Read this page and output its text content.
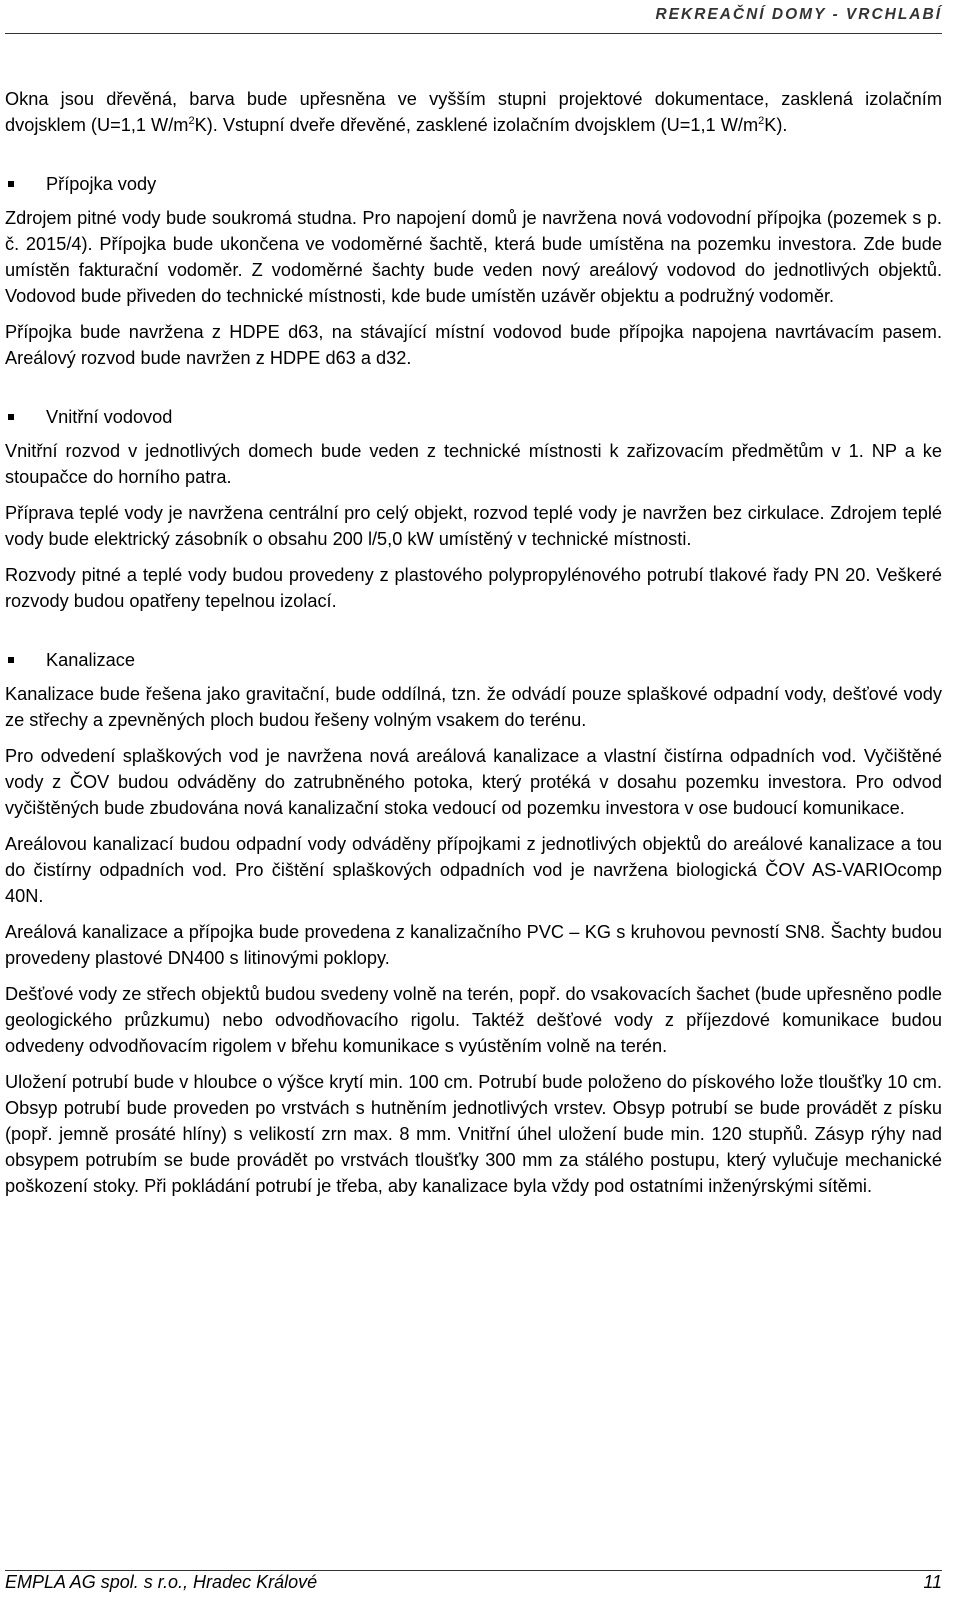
REKREAČNÍ DOMY - VRCHLABÍ

Okna jsou dřevěná, barva bude upřesněna ve vyšším stupni projektové dokumentace, zasklená izolačním dvojsklem (U=1,1 $W/m^2K$). Vstupní dveře dřevěné, zasklené izolačním dvojsklem (U=1,1 $W/m^2K$).

Přípojka vody

Zdrojem pitné vody bude soukromá studna. Pro napojení domů je navržena nová vodovodní přípojka (pozemek s p. č. 2015/4). Přípojka bude ukončena ve vodoměrné šachtě, která bude umístěna na pozemku investora. Zde bude umístěn fakturační vodoměr. Z vodoměrné šachty bude veden nový areálový vodovod do jednotlivých objektů. Vodovod bude přiveden do technické místnosti, kde bude umístěn uzávěr objektu a podružný vodoměr.

Přípojka bude navržena z HDPE d63, na stávající místní vodovod bude přípojka napojena navrtávacím pasem. Areálový rozvod bude navržen z HDPE d63 a d32.

Vnitřní vodovod

Vnitřní rozvod v jednotlivých domech bude veden z technické místnosti k zařizovacím předmětům v 1. NP a ke stoupačce do horního patra.

Příprava teplé vody je navržena centrální pro celý objekt, rozvod teplé vody je navržen bez cirkulace. Zdrojem teplé vody bude elektrický zásobník o obsahu 200 l/5,0 kW umístěný v technické místnosti.

Rozvody pitné a teplé vody budou provedeny z plastového polypropylénového potrubí tlakové řady PN 20. Veškeré rozvody budou opatřeny tepelnou izolací.

Kanalizace

Kanalizace bude řešena jako gravitační, bude oddílná, tzn. že odvádí pouze splaškové odpadní vody, dešťové vody ze střechy a zpevněných ploch budou řešeny volným vsakem do terénu.

Pro odvedení splaškových vod je navržena nová areálová kanalizace a vlastní čistírna odpadních vod. Vyčištěné vody z ČOV budou odváděny do zatrubněného potoka, který protéká v dosahu pozemku investora. Pro odvod vyčištěných bude zbudována nová kanalizační stoka vedoucí od pozemku investora v ose budoucí komunikace.

Areálovou kanalizací budou odpadní vody odváděny přípojkami z jednotlivých objektů do areálové kanalizace a tou do čistírny odpadních vod. Pro čištění splaškových odpadních vod je navržena biologická ČOV AS-VARIOcomp 40N.

Areálová kanalizace a přípojka bude provedena z kanalizačního PVC – KG s kruhovou pevností SN8. Šachty budou provedeny plastové DN400 s litinovými poklopy.

Dešťové vody ze střech objektů budou svedeny volně na terén, popř. do vsakovacích šachet (bude upřesněno podle geologického průzkumu) nebo odvodňovacího rigolu. Taktéž dešťové vody z příjezdové komunikace budou odvedeny odvodňovacím rigolem v břehu komunikace s vyústěním volně na terén.

Uložení potrubí bude v hloubce o výšce krytí min. 100 cm. Potrubí bude položeno do pískového lože tloušťky 10 cm. Obsyp potrubí bude proveden po vrstvách s hutněním jednotlivých vrstev. Obsyp potrubí se bude provádět z písku (popř. jemně prosáté hlíny) s velikostí zrn max. 8 mm. Vnitřní úhel uložení bude min. 120 stupňů. Zásyp rýhy nad obsypem potrubím se bude provádět po vrstvách tloušťky 300 mm za stálého postupu, který vylučuje mechanické poškození stoky. Při pokládání potrubí je třeba, aby kanalizace byla vždy pod ostatními inženýrskými sítěmi.

EMPLA AG spol. s r.o., Hradec Králové	11
